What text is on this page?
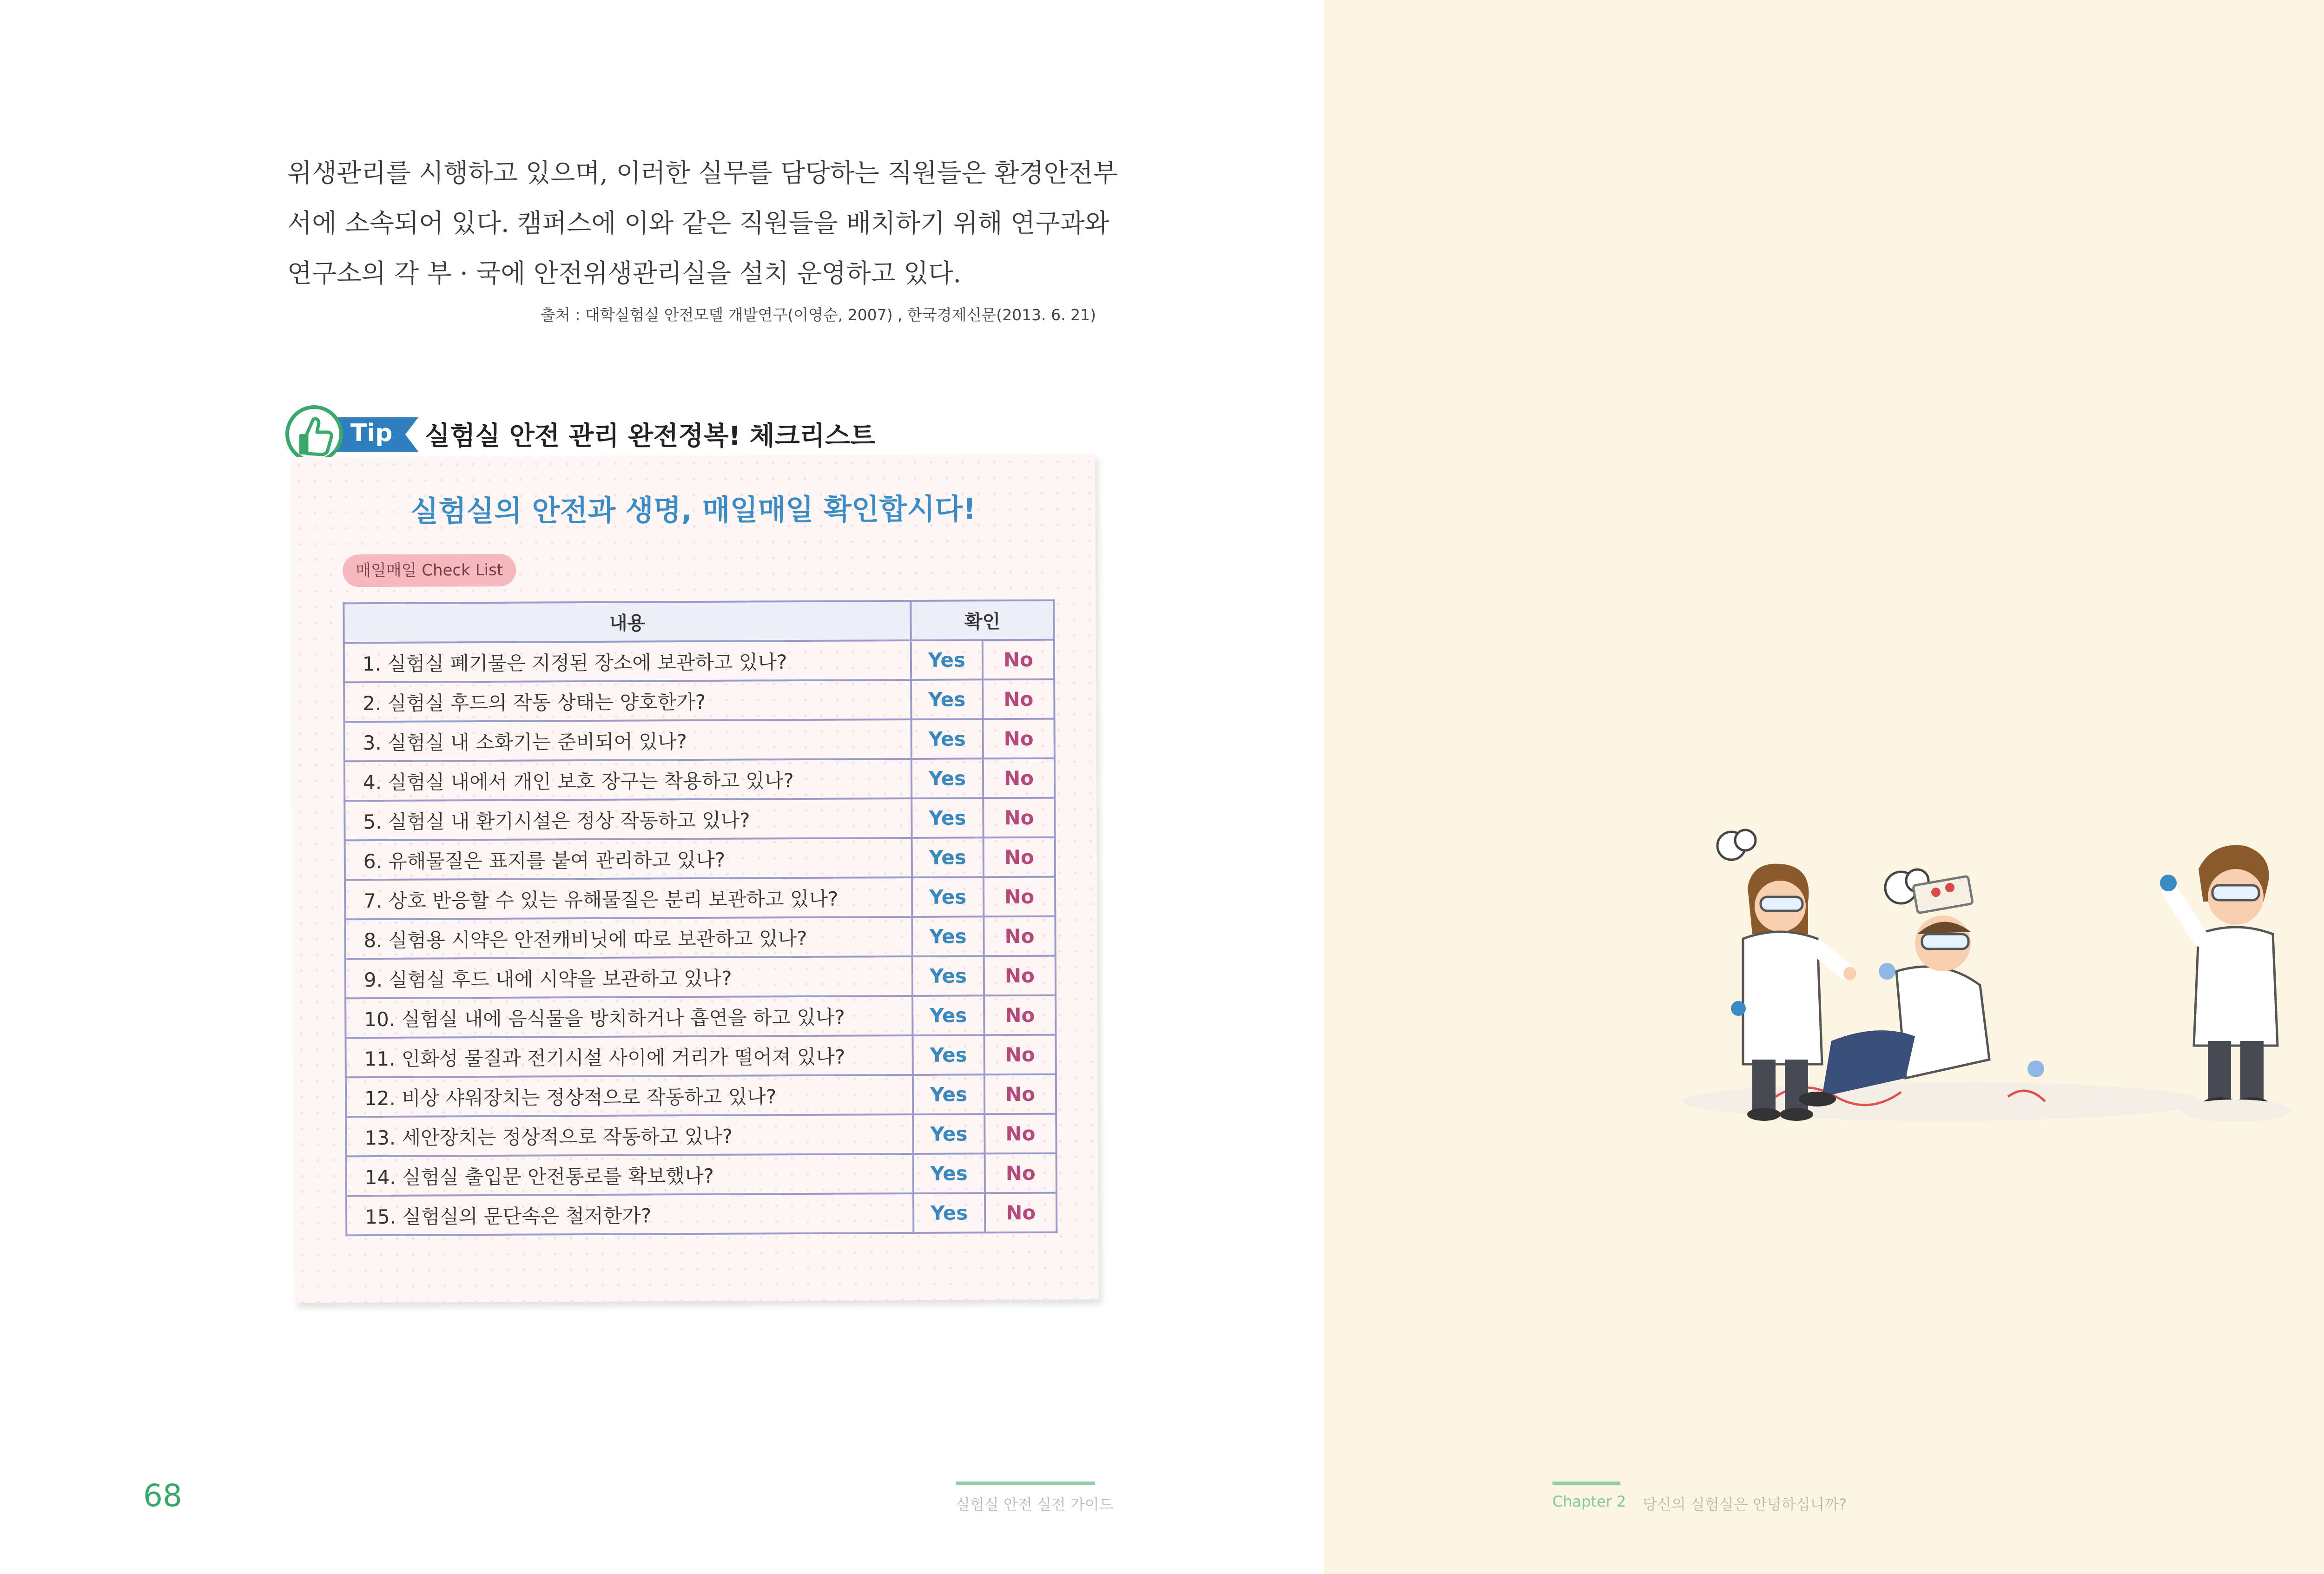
위생관리를 시행하고 있으며, 이러한 실무를 담당하는 직원들은 환경안전부

서에 소속되어 있다. 캠퍼스에 이와 같은 직원들을 배치하기 위해 연구과와

연구소의 각 부 · 국에 안전위생관리실을 설치 운영하고 있다.

출처 : 대학실험실 안전모델 개발연구(이영순, 2007) , 한국경제신문(2013. 6. 21)
Tip 실험실 안전 관리 완전정복! 체크리스트
실험실의 안전과 생명, 매일매일 확인합시다!
매일매일 Check List
내용	확인	
1. 실험실 폐기물은 지정된 장소에 보관하고 있나?	Yes	No
2. 실험실 후드의 작동 상태는 양호한가?	Yes	No
3. 실험실 내 소화기는 준비되어 있나?	Yes	No
4. 실험실 내에서 개인 보호 장구는 착용하고 있나?	Yes	No
5. 실험실 내 환기시설은 정상 작동하고 있나?	Yes	No
6. 유해물질은 표지를 붙여 관리하고 있나?	Yes	No
7. 상호 반응할 수 있는 유해물질은 분리 보관하고 있나?	Yes	No
8. 실험용 시약은 안전캐비닛에 따로 보관하고 있나?	Yes	No
9. 실험실 후드 내에 시약을 보관하고 있나?	Yes	No
10. 실험실 내에 음식물을 방치하거나 흡연을 하고 있나?	Yes	No
11. 인화성 물질과 전기시설 사이에 거리가 떨어져 있나?	Yes	No
12. 비상 샤워장치는 정상적으로 작동하고 있나?	Yes	No
13. 세안장치는 정상적으로 작동하고 있나?	Yes	No
14. 실험실 출입문 안전통로를 확보했나?	Yes	No
15. 실험실의 문단속은 철저한가?	Yes	No
68	실험실 안전 실전 가이드	Chapter 2 당신의 실험실은 안녕하십니까?
